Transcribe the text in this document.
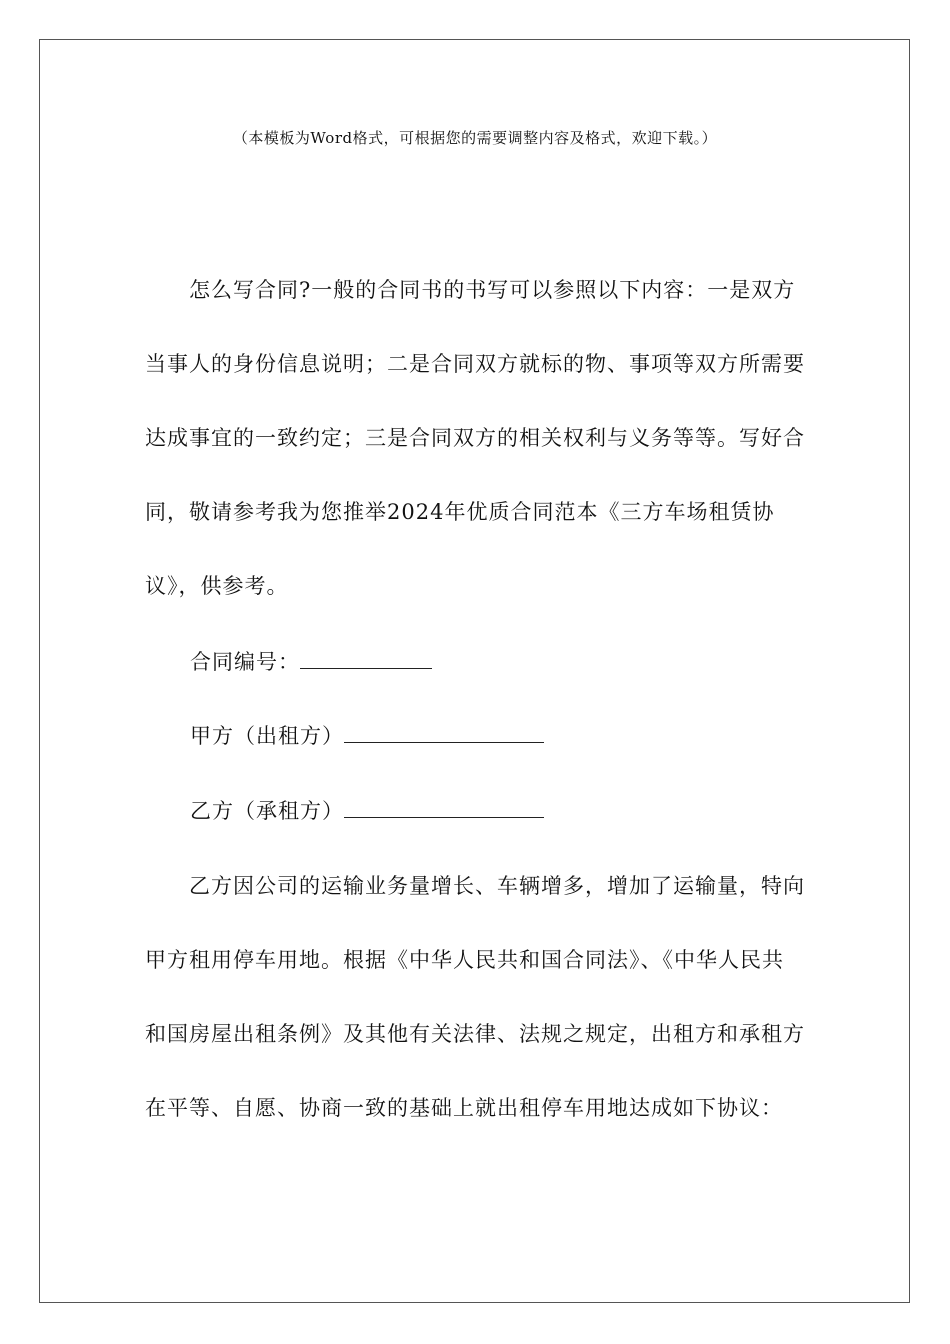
（本模板为Word格式，可根据您的需要调整内容及格式，欢迎下载。）

怎么写合同?一般的合同书的书写可以参照以下内容：一是双方当事人的身份信息说明；二是合同双方就标的物、事项等双方所需要达成事宜的一致约定；三是合同双方的相关权利与义务等等。写好合同，敬请参考我为您推举2024年优质合同范本《三方车场租赁协议》，供参考。

合同编号：
甲方（出租方）
乙方（承租方）

乙方因公司的运输业务量增长、车辆增多，增加了运输量，特向甲方租用停车用地。根据《中华人民共和国合同法》、《中华人民共和国房屋出租条例》及其他有关法律、法规之规定，出租方和承租方在平等、自愿、协商一致的基础上就出租停车用地达成如下协议：
